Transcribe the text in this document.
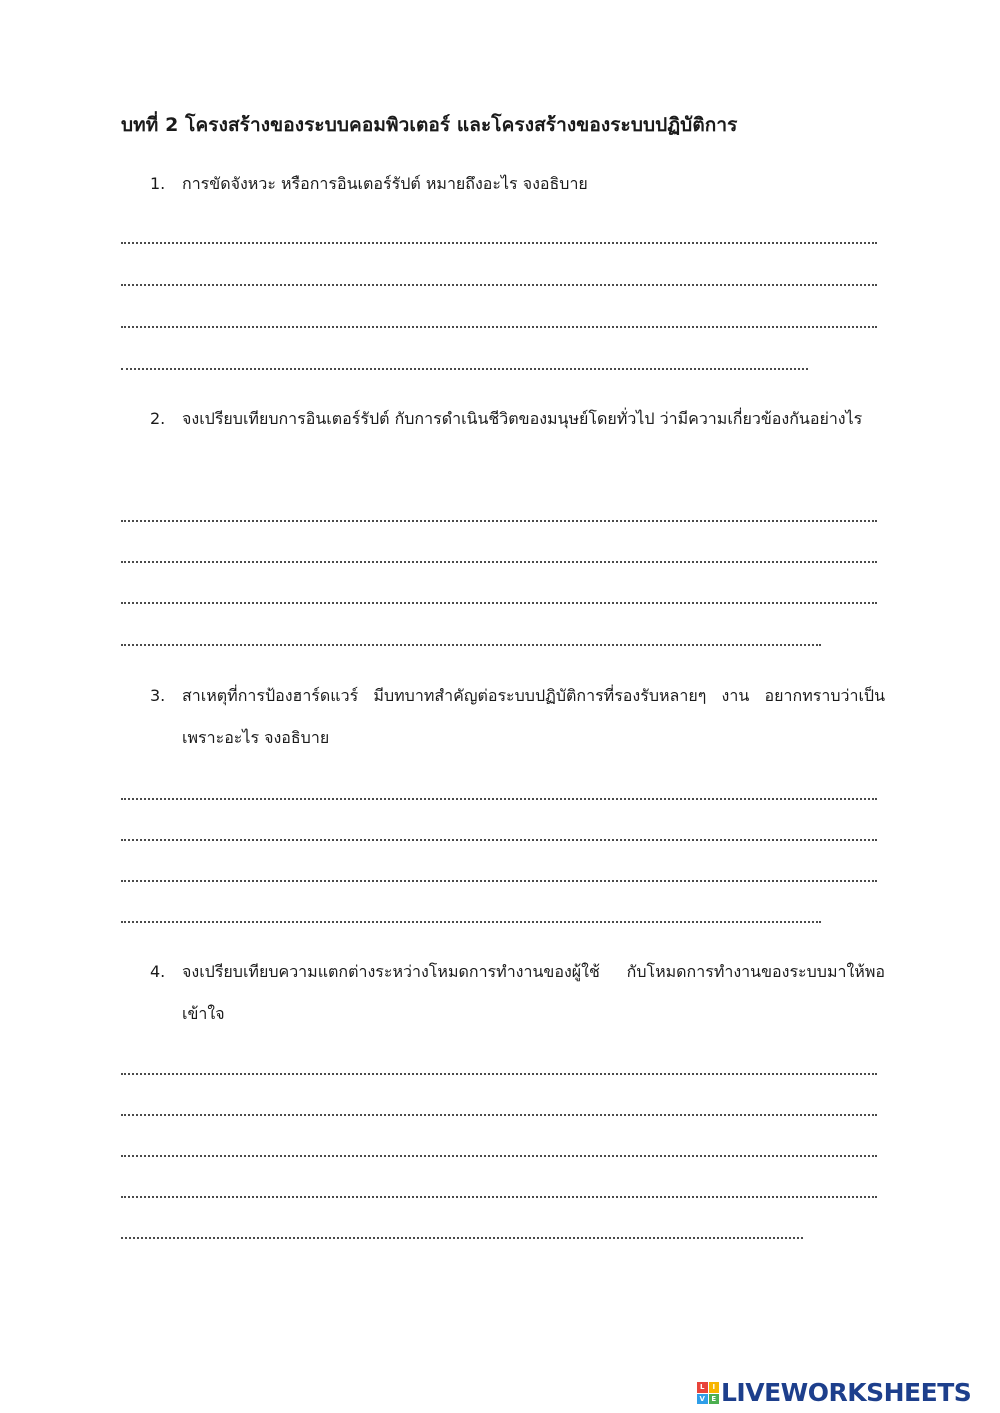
บทที่ 2 โครงสร้างของระบบคอมพิวเตอร์ และโครงสร้างของระบบปฏิบัติการ
1.	การขัดจังหวะ หรือการอินเตอร์รัปต์ หมายถึงอะไร จงอธิบาย
2.	จงเปรียบเทียบการอินเตอร์รัปต์ กับการดำเนินชีวิตของมนุษย์โดยทั่วไป ว่ามีความเกี่ยวข้องกันอย่างไร
3.	สาเหตุที่การป้องฮาร์ดแวร์ มีบทบาทสำคัญต่อระบบปฏิบัติการที่รองรับหลายๆ งาน อยากทราบว่าเป็นเพราะอะไร จงอธิบาย
4.	จงเปรียบเทียบความแตกต่างระหว่างโหมดการทำงานของผู้ใช้ กับโหมดการทำงานของระบบมาให้พอเข้าใจ
L	I
V E LIVEWORKSHEETS
